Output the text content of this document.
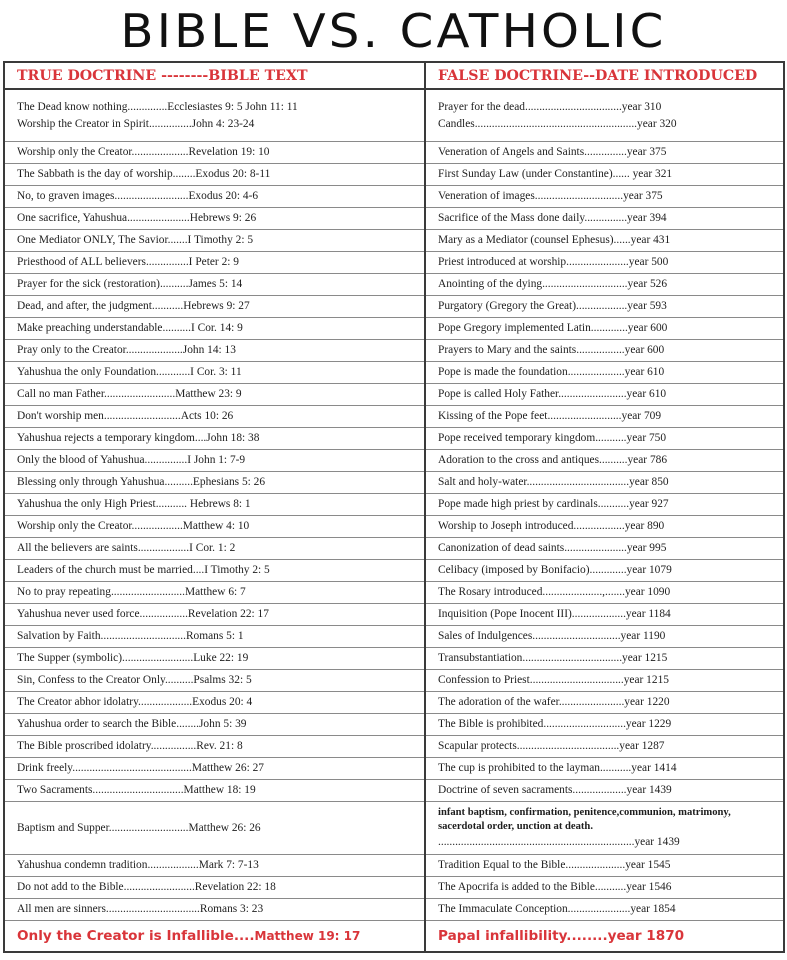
BIBLE VS. CATHOLIC
TRUE DOCTRINE --------BIBLE TEXT
The Dead know nothing..............Ecclesiastes 9: 5 John 11: 11
Worship the Creator in Spirit...............John 4: 23-24
Worship only the Creator....................Revelation 19: 10
The Sabbath is the day of worship........Exodus 20: 8-11
No, to graven images..........................Exodus 20: 4-6
One sacrifice, Yahushua......................Hebrews 9: 26
One Mediator ONLY, The Savior.......I Timothy 2: 5
Priesthood of ALL believers...............I Peter 2: 9
Prayer for the sick (restoration)..........James 5: 14
Dead, and after, the judgment...........Hebrews 9: 27
Make preaching understandable..........I Cor. 14: 9
Pray only to the Creator....................John 14: 13
Yahushua the only Foundation............I Cor. 3: 11
Call no man Father.........................Matthew 23: 9
Don't worship men...........................Acts 10: 26
Yahushua rejects a temporary kingdom....John 18: 38
Only the blood of Yahushua...............I John 1: 7-9
Blessing only through Yahushua..........Ephesians 5: 26
Yahushua the only High Priest........... Hebrews 8: 1
Worship only the Creator..................Matthew 4: 10
All the believers are saints..................I Cor. 1: 2
Leaders of the church must be married....I Timothy 2: 5
No to pray repeating..........................Matthew 6: 7
Yahushua never used force.................Revelation 22: 17
Salvation by Faith..............................Romans 5: 1
The Supper (symbolic).........................Luke 22: 19
Sin, Confess to the Creator Only..........Psalms 32: 5
The Creator abhor idolatry...................Exodus 20: 4
Yahushua order to search the Bible........John 5: 39
The Bible proscribed idolatry................Rev. 21: 8
Drink freely..........................................Matthew 26: 27
Two Sacraments................................Matthew 18: 19
Baptism and Supper............................Matthew 26: 26
Yahushua condemn tradition..................Mark 7: 7-13
Do not add to the Bible.........................Revelation 22: 18
All men are sinners.................................Romans 3: 23
Only the Creator is Infallible....Matthew 19: 17
FALSE DOCTRINE--DATE INTRODUCED
Prayer for the dead..................................year 310
Candles.........................................................year 320
Veneration of Angels and Saints...............year 375
First Sunday Law (under Constantine)...... year 321
Veneration of images...............................year 375
Sacrifice of the Mass done daily...............year 394
Mary as a Mediator (counsel Ephesus)......year 431
Priest introduced at worship......................year 500
Anointing of the dying..............................year 526
Purgatory (Gregory the Great)..................year 593
Pope Gregory implemented Latin.............year 600
Prayers to Mary and the saints.................year 600
Pope is made the foundation....................year 610
Pope is called Holy Father........................year 610
Kissing of the Pope feet..........................year 709
Pope received temporary kingdom...........year 750
Adoration to the cross and antiques..........year 786
Salt and holy-water....................................year 850
Pope made high priest by cardinals...........year 927
Worship to Joseph introduced..................year 890
Canonization of dead saints......................year 995
Celibacy (imposed by Bonifacio).............year 1079
The Rosary introduced.....................,.......year 1090
Inquisition (Pope Inocent III)...................year 1184
Sales of Indulgences...............................year 1190
Transubstantiation...................................year 1215
Confession to Priest.................................year 1215
The adoration of the wafer.......................year 1220
The Bible is prohibited.............................year 1229
Scapular protects....................................year 1287
The cup is prohibited to the layman...........year 1414
Doctrine of seven sacraments...................year 1439
infant baptism, confirmation, penitence,communion, matrimony, sacerdotal order, unction at death.
.....................................................................year 1439
Tradition Equal to the Bible.....................year 1545
The Apocrifa is added to the Bible...........year 1546
The Immaculate Conception......................year 1854
Papal infallibility........year 1870
